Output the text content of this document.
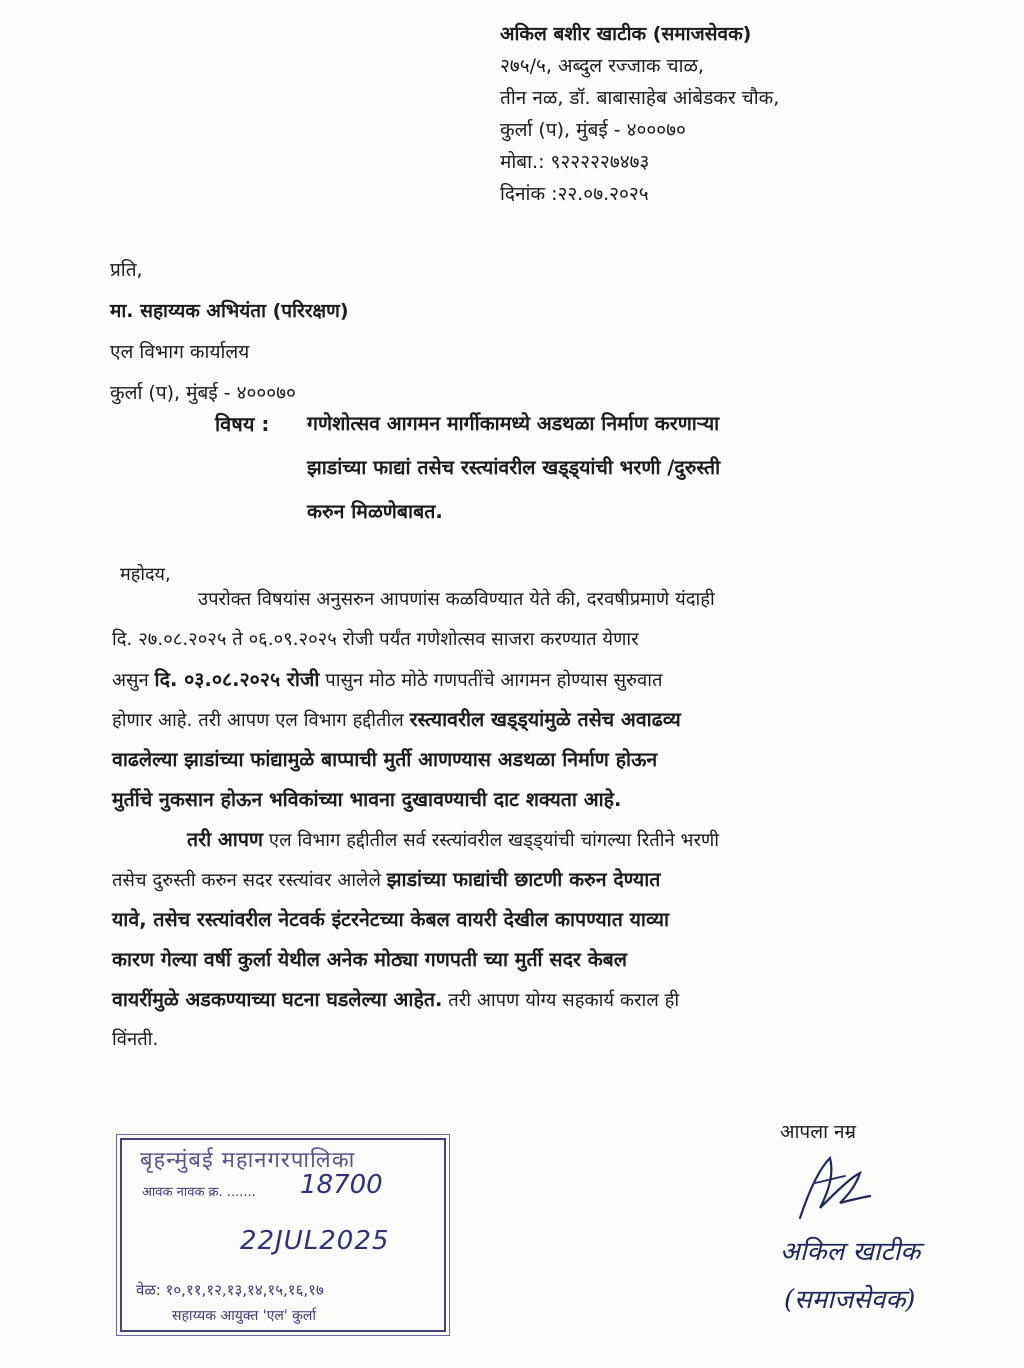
अकिल बशीर खाटीक (समाजसेवक)
२७५/५, अब्दुल रज्जाक चाळ,
तीन नळ, डॉ. बाबासाहेब आंबेडकर चौक,
कुर्ला (प), मुंबई - ४०००७०
मोबा.: ९२२२२२७४७३
दिनांक :२२.०७.२०२५
प्रति,
मा. सहाय्यक अभियंता (परिरक्षण)
एल विभाग कार्यालय
कुर्ला (प), मुंबई - ४०००७०
विषय : गणेशोत्सव आगमन मार्गीकामध्ये अडथळा निर्माण करणाऱ्या
झाडांच्या फाद्यां तसेच रस्त्यांवरील खड्ड्यांची भरणी /दुरुस्ती
करुन मिळणेबाबत.
महोदय,
उपरोक्त विषयांस अनुसरुन आपणांस कळविण्यात येते की, दरवषीप्रमाणे यंदाही
दि. २७.०८.२०२५ ते ०६.०९.२०२५ रोजी पर्यंत गणेशोत्सव साजरा करण्यात येणार
असुन दि. ०३.०८.२०२५ रोजी पासुन मोठ मोठे गणपतींचे आगमन होण्यास सुरुवात
होणार आहे. तरी आपण एल विभाग हद्दीतील रस्त्यावरील खड्ड्यांमुळे तसेच अवाढव्य
वाढलेल्या झाडांच्या फांद्यामुळे बाप्पाची मुर्ती आणण्यास अडथळा निर्माण होऊन
मुर्तीचे नुकसान होऊन भविकांच्या भावना दुखावण्याची दाट शक्यता आहे.
तरी आपण एल विभाग हद्दीतील सर्व रस्त्यांवरील खड्ड्यांची चांगल्या रितीने भरणी
तसेच दुरुस्ती करुन सदर रस्त्यांवर आलेले झाडांच्या फाद्यांची छाटणी करुन देण्यात
यावे, तसेच रस्त्यांवरील नेटवर्क इंटरनेटच्या केबल वायरी देखील कापण्यात याव्या
कारण गेल्या वर्षी कुर्ला येथील अनेक मोठ्या गणपती च्या मुर्ती सदर केबल
वायरींमुळे अडकण्याच्या घटना घडलेल्या आहेत. तरी आपण योग्य सहकार्य कराल ही
विंनती.
आपला नम्र
बृहन्मुंबई महानगरपालिका
आवक नावक क्र. ....... 18700
22JUL2025
वेळ: १०,११,१२,१३,१४,१५,१६,१७
सहाय्यक आयुक्त 'एल' कुर्ला
अकिल खाटीक
(समाजसेवक)
